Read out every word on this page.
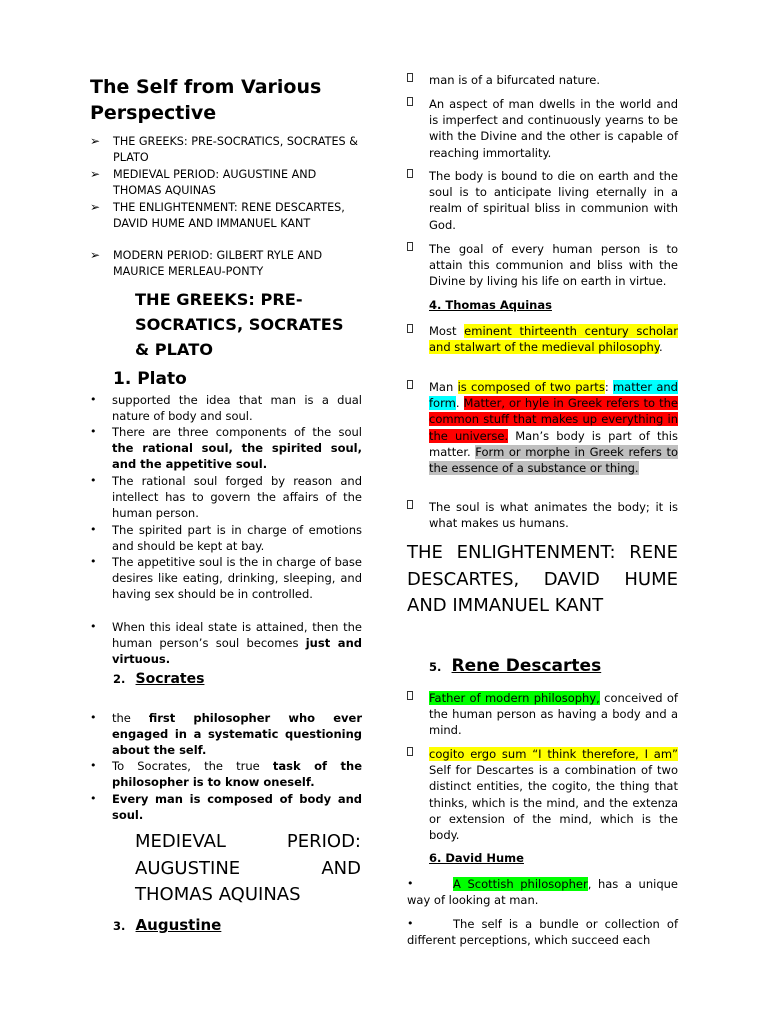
The Self from Various Perspective
➢ THE GREEKS: PRE-SOCRATICS, SOCRATES & PLATO
➢ MEDIEVAL PERIOD: AUGUSTINE AND THOMAS AQUINAS
➢ THE ENLIGHTENMENT: RENE DESCARTES, DAVID HUME AND IMMANUEL KANT
➢ MODERN PERIOD: GILBERT RYLE AND MAURICE MERLEAU-PONTY
THE GREEKS: PRE-SOCRATICS, SOCRATES & PLATO
1. Plato
•	supported the idea that man is a dual nature of body and soul.
•	There are three components of the soul the rational soul, the spirited soul, and the appetitive soul.
•	The rational soul forged by reason and intellect has to govern the affairs of the human person.
•	The spirited part is in charge of emotions and should be kept at bay.
•	The appetitive soul is the in charge of base desires like eating, drinking, sleeping, and having sex should be in controlled.
•	When this ideal state is attained, then the human person’s soul becomes just and virtuous.
2. Socrates
•	the first philosopher who ever engaged in a systematic questioning about the self.
•	To Socrates, the true task of the philosopher is to know oneself.
•	Every man is composed of body and soul.
MEDIEVAL PERIOD: AUGUSTINE AND THOMAS AQUINAS
3. Augustine
man is of a bifurcated nature.
An aspect of man dwells in the world and is imperfect and continuously yearns to be with the Divine and the other is capable of reaching immortality.
The body is bound to die on earth and the soul is to anticipate living eternally in a realm of spiritual bliss in communion with God.
The goal of every human person is to attain this communion and bliss with the Divine by living his life on earth in virtue.
4. Thomas Aquinas
Most eminent thirteenth century scholar and stalwart of the medieval philosophy.
Man is composed of two parts: matter and form. Matter, or hyle in Greek refers to the common stuff that makes up everything in the universe. Man’s body is part of this matter. Form or morphe in Greek refers to the essence of a substance or thing.
The soul is what animates the body; it is what makes us humans.
THE ENLIGHTENMENT: RENE DESCARTES, DAVID HUME AND IMMANUEL KANT
5. Rene Descartes
Father of modern philosophy, conceived of the human person as having a body and a mind.
cogito ergo sum “I think therefore, I am” Self for Descartes is a combination of two distinct entities, the cogito, the thing that thinks, which is the mind, and the extenza or extension of the mind, which is the body.
6. David Hume
•	A Scottish philosopher, has a unique way of looking at man.
•	The self is a bundle or collection of different perceptions, which succeed each
